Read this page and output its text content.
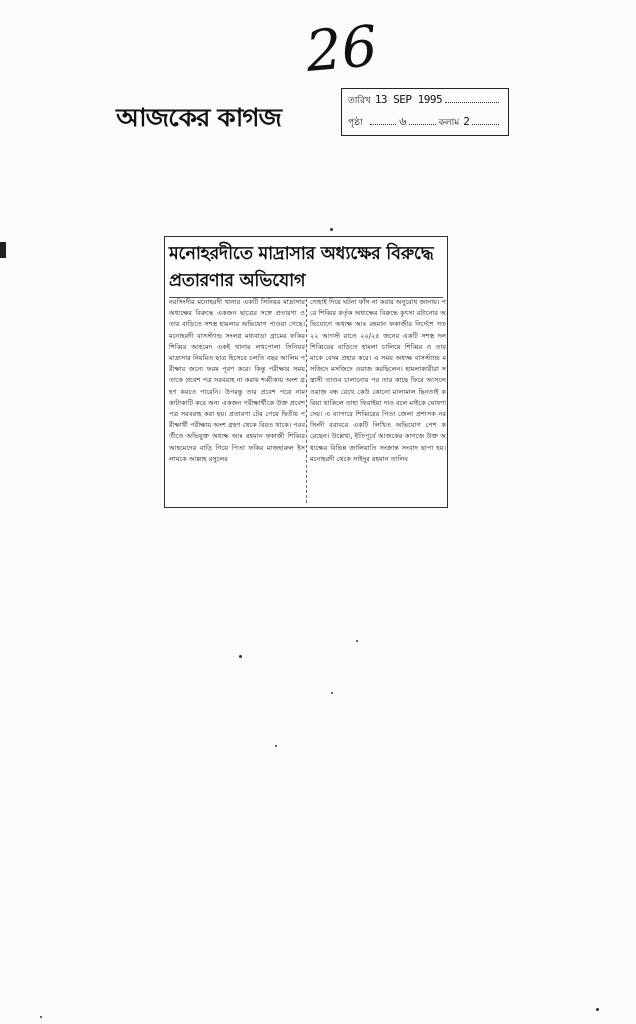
26
আজকের কাগজ
তারিখ 13 SEP 1995
পৃষ্ঠা	৬	কলাম 2
মনোহরদীতে মাদ্রাসার অধ্যক্ষের বিরুদ্ধে প্রতারণার অভিযোগ
নরসিংদীর মনোহরদী থানার একটি সিনিয়র মাদ্রাসার অধ্যক্ষের বিরুদ্ধে একজন ছাত্রের সঙ্গে প্রতারণা ও তার বাড়িতে সশস্ত্র হামলার অভিযোগ পাওয়া গেছে। মনোহরদী বাসস্ট্যান্ড সংলগ্ন মধ্যবাড়া গ্রামের ফকির শিব্বির আহমেদ একই থানার লখপোলা সিনিয়র মাদ্রাসার নিয়মিত ছাত্র হিসেবে চলতি বছর আলিম পরীক্ষার জন্যে ফরম পূরণ করে। কিন্তু পরীক্ষার সময় তাকে প্রবেশ পত্র সরবরাহ না করায় শব্বীকায় অংশ গ্রহণ করতে পারেনি। উপরন্তু তার প্রবেশ পত্রে নাম কাটাকাটি করে অন্য একজন পরীক্ষার্থীকে উক্ত প্রবেশ পত্র সরবরাহ করা হয়। প্রতারণা টের পেয়ে দ্বিতীয় পরীক্ষার্থী পরীক্ষায় অংশ গ্রহণ থেকে বিরত থাকে। পরবর্তীতে অভিযুক্ত অধ্যক্ষ আঃ রহমান ফকাজী শিব্বির আহমেদের বাড়ি গিয়ে পিতা ফকির মাজহারুল ইসলামকে আল্লাহ রসুলের
দোহাই দিয়ে ঘটনা ফাঁস না করার অনুরোধ জানায়। পরে শিব্বির কর্তৃক অধ্যক্ষের বিরুদ্ধে কুৎসা রটানোর অভিযোগে অধ্যক্ষ আঃ রহমান ফকাজীর নির্দেশে গত ২২ আগস্ট রাতে ২০/২৫ জনের একটি সশস্ত্র দল শিব্বিরের বাড়িতে হামলা চালিয়ে শিব্বির ও তার মাকে বেদম প্রহার করে। এ সময় অধ্যক্ষ বাসস্ট্যান্ড মসজিদে মসজিদে ওয়াজ করছিলেন। হামলাকারীরা সন্ত্রাসী তাণ্ডব চালানোর পর তার কাছে ফিরে আসলে ওয়াজ বন্ধ রেখে কেউ কোনো মালামাল ছিনতাই করিয়া থাকিলে তাহা ফিরাইয়া দাও বলে মাইকে ঘোষণা দেয়। এ ব্যাপারে শিব্বিরের পিতা জেলা প্রশাসক নরসিংদী বরাবরে একটি লিখিত অভিযোগ পেশ করেছেন। উল্লেখ্য, ইতিপূর্বে আজকের কাগজে উক্ত অধ্যক্ষের বিভিন্ন জালিয়াতি সংক্রান্ত সংবাদ ছাপা হয়। মনোহরদী থেকে সাইদুর রহমান তালিব
